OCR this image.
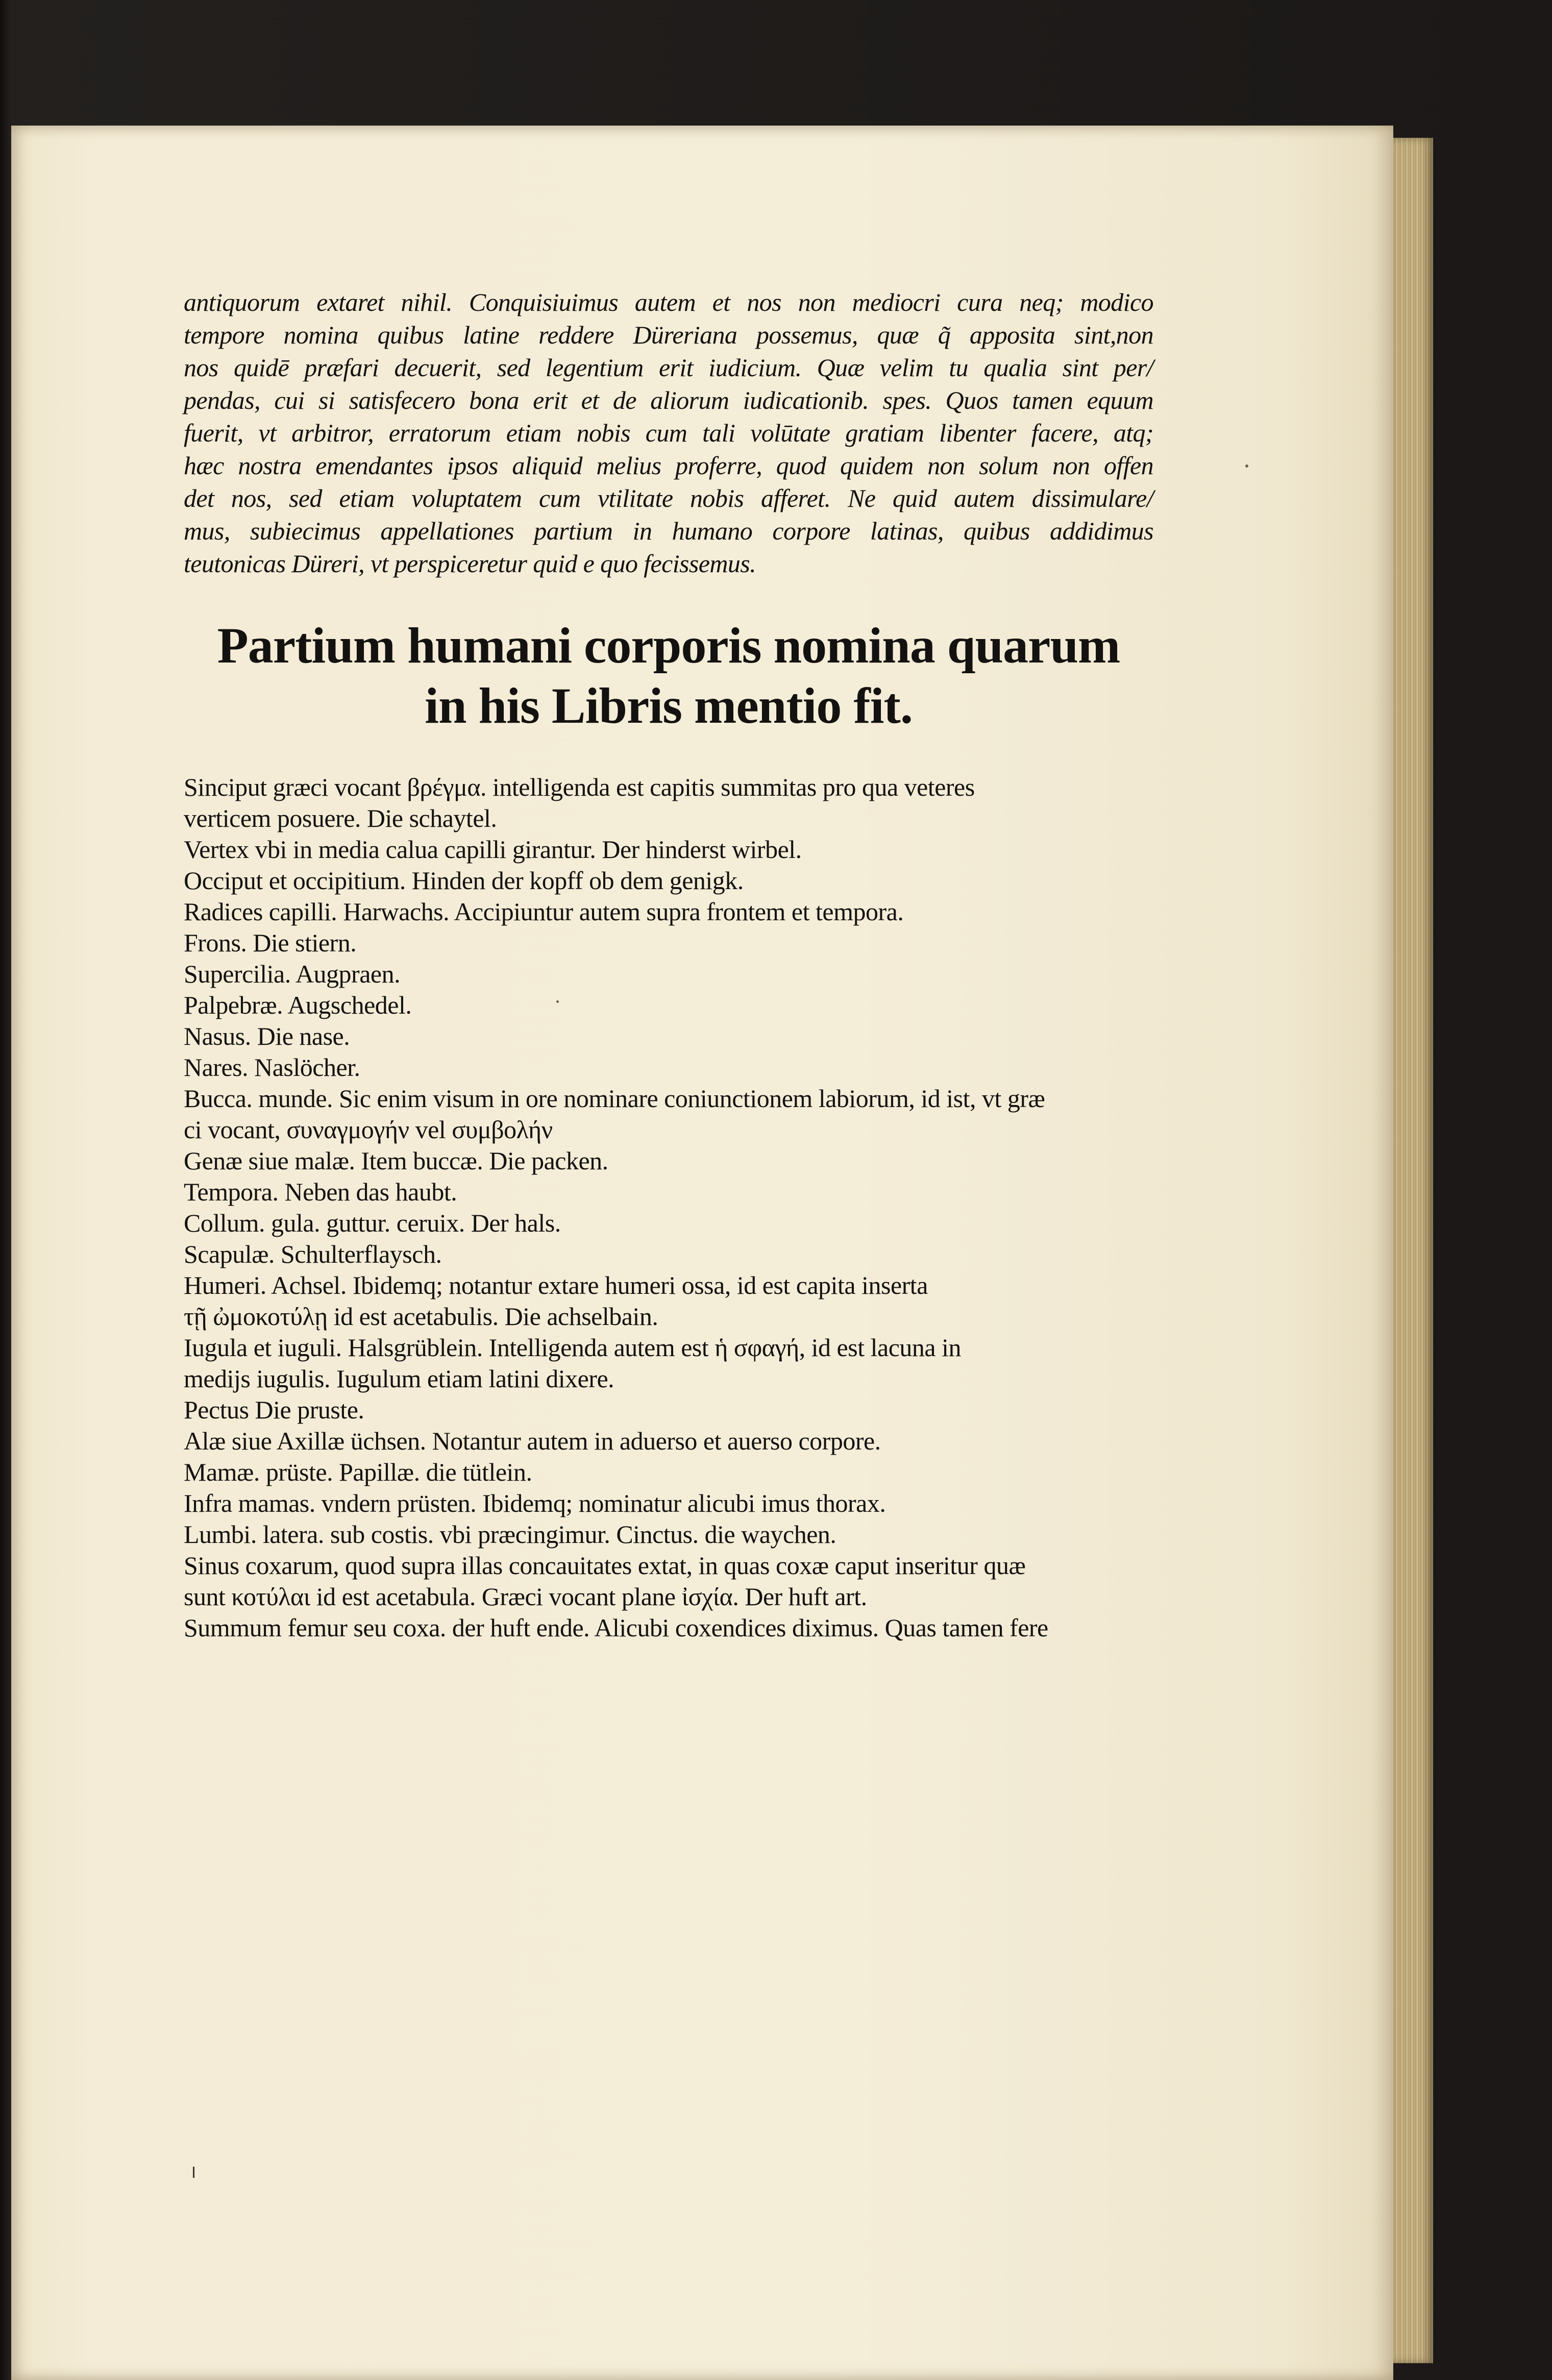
antiquorum extaret nihil. Conquisiuimus autem et nos non mediocri cura neq; modico

tempore nomina quibus latine reddere Düreriana possemus, quæ q̃ apposita sint,non

nos quidē præfari decuerit, sed legentium erit iudicium. Quæ velim tu qualia sint per/

pendas, cui si satisfecero bona erit et de aliorum iudicationib. spes. Quos tamen equum

fuerit, vt arbitror, erratorum etiam nobis cum tali volūtate gratiam libenter facere, atq;

hæc nostra emendantes ipsos aliquid melius proferre, quod quidem non solum non offen

det nos, sed etiam voluptatem cum vtilitate nobis afferet. Ne quid autem dissimulare/

mus, subiecimus appellationes partium in humano corpore latinas, quibus addidimus

teutonicas Düreri, vt perspiceretur quid e quo fecissemus.

Partium humani corporis nomina quarum
in his Libris mentio fit.

Sinciput græci vocant βρέγμα. intelligenda est capitis summitas pro qua veteres

verticem posuere. Die schaytel.

Vertex vbi in media calua capilli girantur. Der hinderst wirbel.

Occiput et occipitium. Hinden der kopff ob dem genigk.

Radices capilli. Harwachs. Accipiuntur autem supra frontem et tempora.

Frons. Die stiern.

Supercilia. Augpraen.

Palpebræ. Augschedel.

Nasus. Die nase.

Nares. Naslöcher.

Bucca. munde. Sic enim visum in ore nominare coniunctionem labiorum, id ist, vt græ

ci vocant, συναγμογήν vel συμβολήν

Genæ siue malæ. Item buccæ. Die packen.

Tempora. Neben das haubt.

Collum. gula. guttur. ceruix. Der hals.

Scapulæ. Schulterflaysch.

Humeri. Achsel. Ibidemq; notantur extare humeri ossa, id est capita inserta

τῇ ὠμοκοτύλῃ id est acetabulis. Die achselbain.

Iugula et iuguli. Halsgrüblein. Intelligenda autem est ἡ σφαγή, id est lacuna in

medijs iugulis. Iugulum etiam latini dixere.

Pectus Die pruste.

Alæ siue Axillæ üchsen. Notantur autem in aduerso et auerso corpore.

Mamæ. prüste. Papillæ. die tütlein.

Infra mamas. vndern prüsten. Ibidemq; nominatur alicubi imus thorax.

Lumbi. latera. sub costis. vbi præcingimur. Cinctus. die waychen.

Sinus coxarum, quod supra illas concauitates extat, in quas coxæ caput inseritur quæ

sunt κοτύλαι id est acetabula. Græci vocant plane ἰσχία. Der huft art.

Summum femur seu coxa. der huft ende. Alicubi coxendices diximus. Quas tamen fere
